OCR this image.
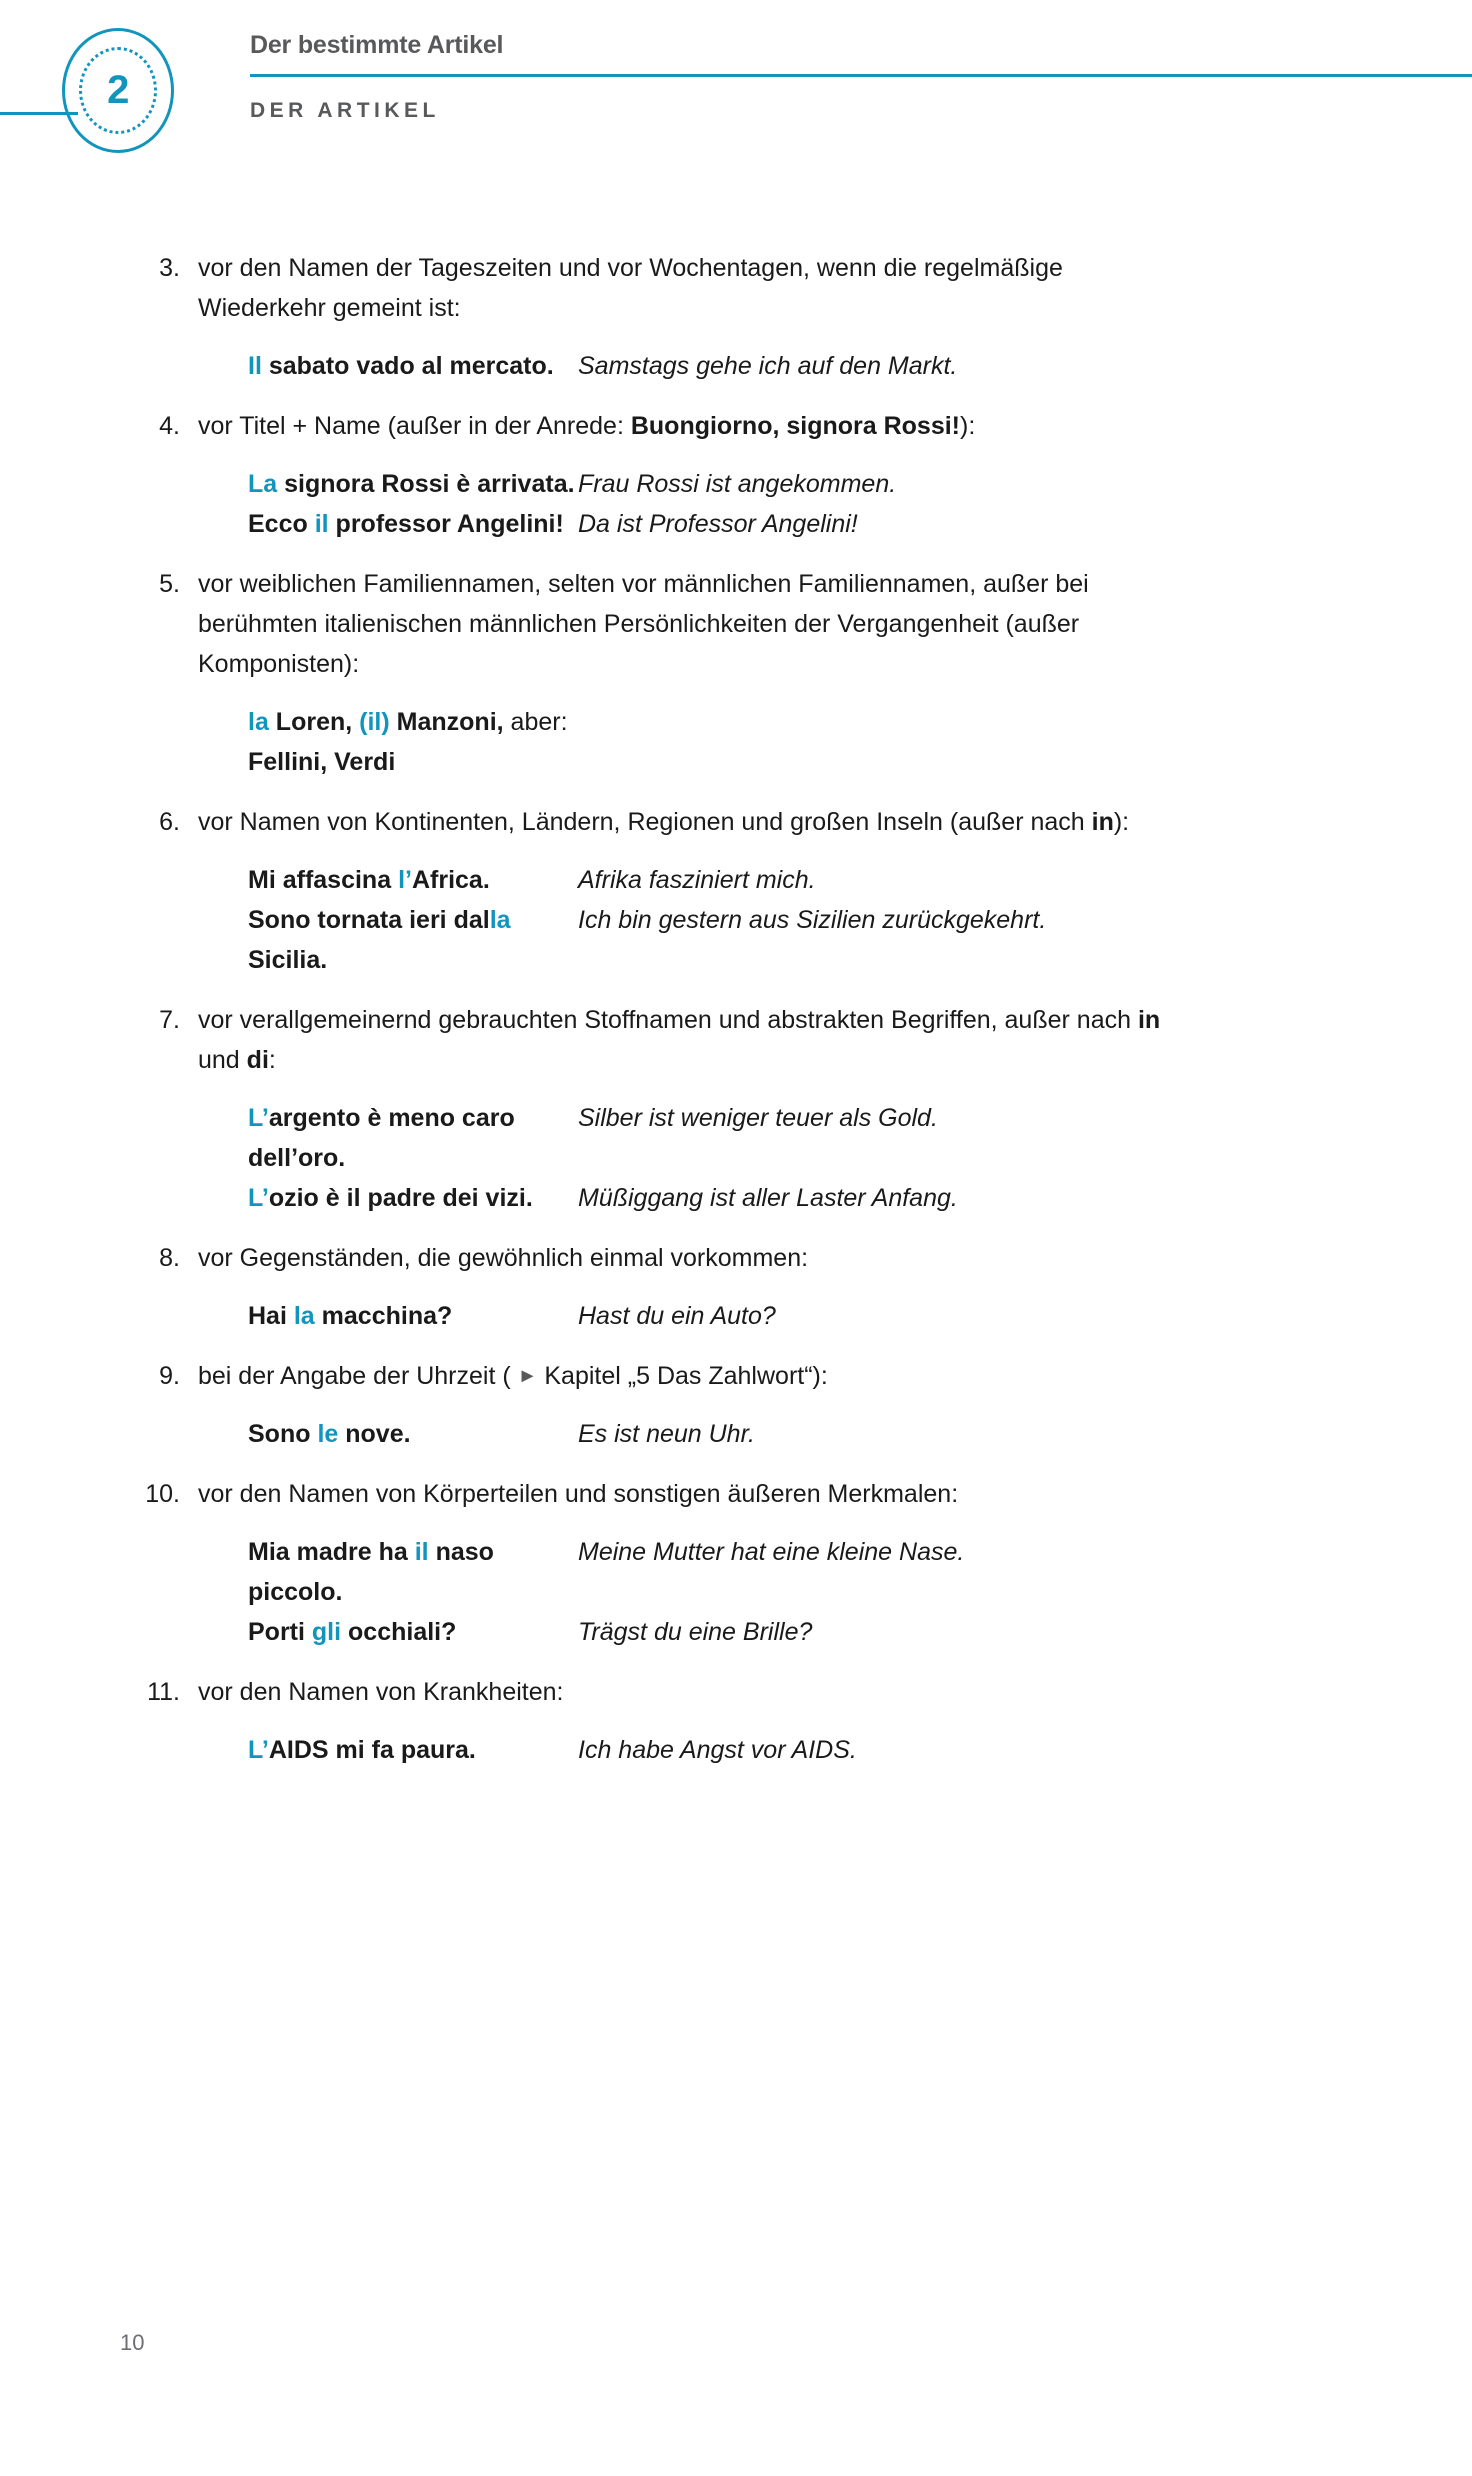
2
Der bestimmte Artikel
DER ARTIKEL
3. vor den Namen der Tageszeiten und vor Wochentagen, wenn die regelmäßige Wiederkehr gemeint ist:
Il sabato vado al mercato. Samstags gehe ich auf den Markt.
4. vor Titel + Name (außer in der Anrede: Buongiorno, signora Rossi!):
La signora Rossi è arrivata. Frau Rossi ist angekommen.
Ecco il professor Angelini! Da ist Professor Angelini!
5. vor weiblichen Familiennamen, selten vor männlichen Familiennamen, außer bei berühmten italienischen männlichen Persönlichkeiten der Vergangenheit (außer Komponisten):
la Loren, (il) Manzoni, aber: Fellini, Verdi
6. vor Namen von Kontinenten, Ländern, Regionen und großen Inseln (außer nach in):
Mi affascina l’Africa.	Afrika fasziniert mich.
Sono tornata ieri dalla Sicilia.
Ich bin gestern aus Sizilien zurückgekehrt.
7. vor verallgemeinernd gebrauchten Stoffnamen und abstrakten Begriffen, außer nach in und di:
L’argento è meno caro dell’oro.
Silber ist weniger teuer als Gold.
L’ozio è il padre dei vizi.	Müßiggang ist aller Laster Anfang.
8. vor Gegenständen, die gewöhnlich einmal vorkommen:
Hai la macchina?	Hast du ein Auto?
9. bei der Angabe der Uhrzeit ( ► Kapitel „5 Das Zahlwort“):
Sono le nove.	Es ist neun Uhr.
10. vor den Namen von Körperteilen und sonstigen äußeren Merkmalen:
Mia madre ha il naso piccolo.
Meine Mutter hat eine kleine Nase.
Porti gli occhiali?	Trägst du eine Brille?
11. vor den Namen von Krankheiten:
L’AIDS mi fa paura.	Ich habe Angst vor AIDS.
10
